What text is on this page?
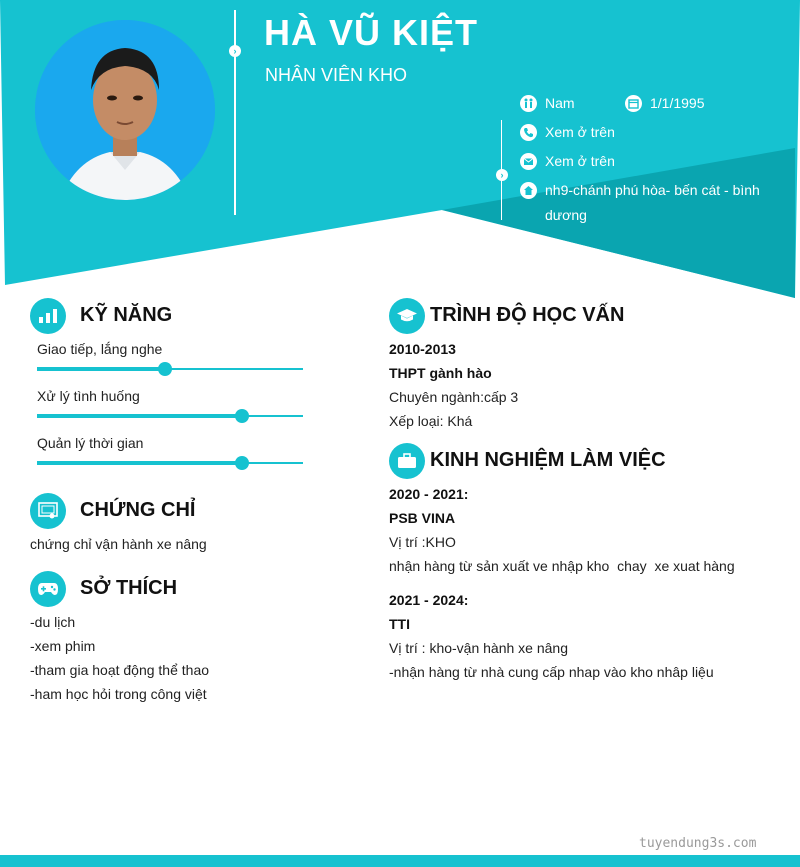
› HÀ VŨ KIỆT
NHÂN VIÊN KHO
›
Nam	1/1/1995
Xem ở trên
Xem ở trên
nh9-chánh phú hòa- bến cát - bình dương
KỸ NĂNG
Giao tiếp, lắng nghe
Xử lý tình huống
Quản lý thời gian
CHỨNG CHỈ
chứng chỉ vận hành xe nâng
SỞ THÍCH
-du lịch
-xem phim
-tham gia hoạt động thể thao
-ham học hỏi trong công việt
TRÌNH ĐỘ HỌC VẤN
2010-2013
THPT gành hào
Chuyên ngành:cấp 3
Xếp loại: Khá
KINH NGHIỆM LÀM VIỆC
2020 - 2021:
PSB VINA
Vị trí :KHO
nhận hàng từ sản xuất ve nhập kho  chay  xe xuat hàng
2021 - 2024:
TTI
Vị trí : kho-vận hành xe nâng
-nhận hàng từ nhà cung cấp nhap vào kho nhâp liệu
tuyendung3s.com
